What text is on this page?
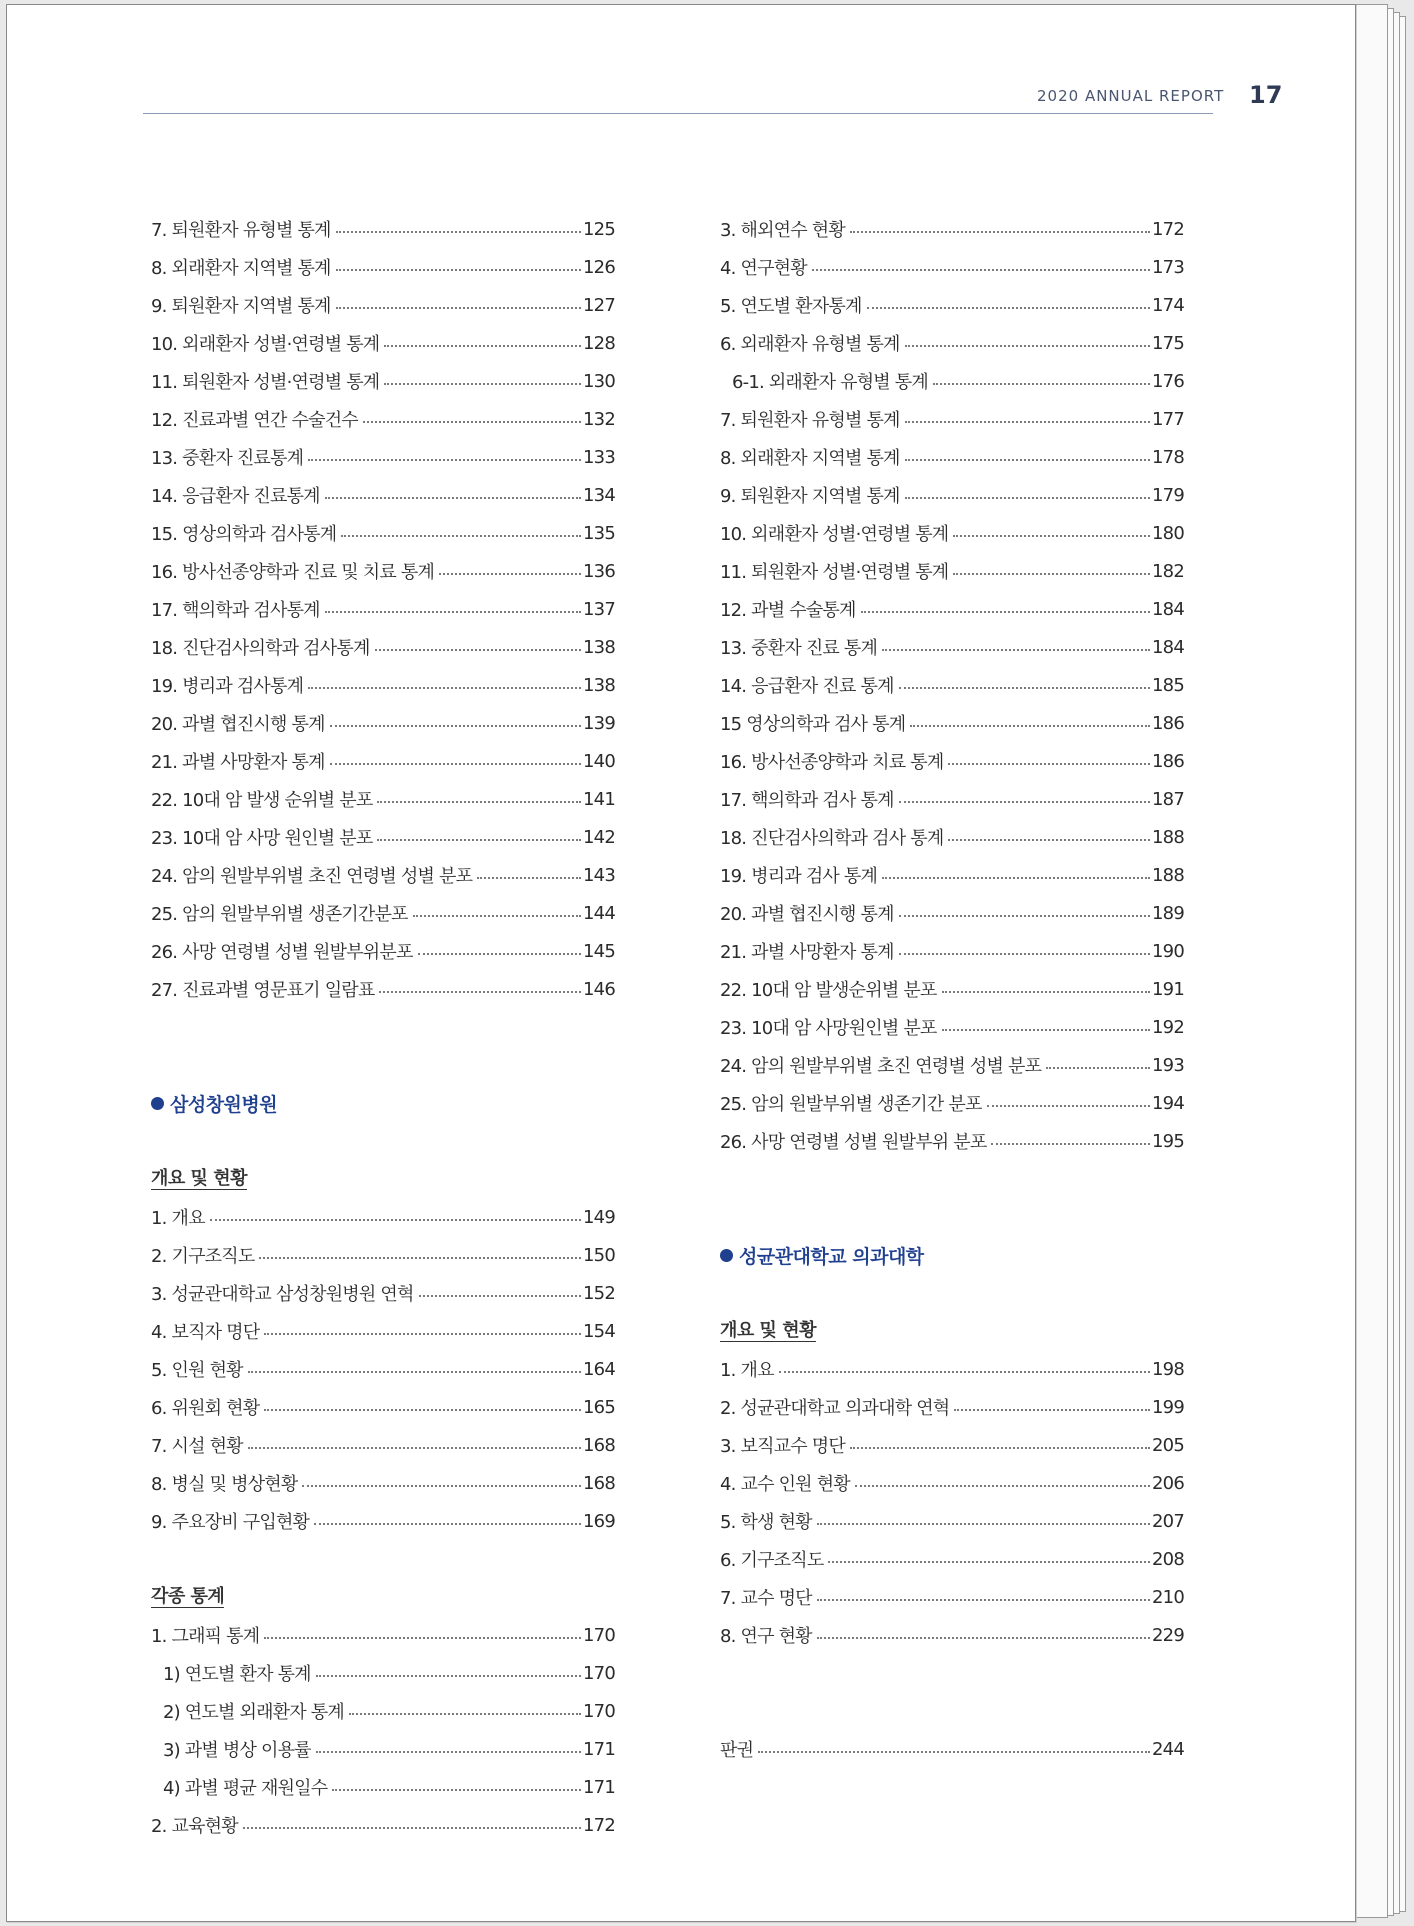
2020 ANNUAL REPORT 17
7. 퇴원환자 유형별 통계	125
8. 외래환자 지역별 통계	126
9. 퇴원환자 지역별 통계	127
10. 외래환자 성별·연령별 통계	128
11. 퇴원환자 성별·연령별 통계	130
12. 진료과별 연간 수술건수	132
13. 중환자 진료통계	133
14. 응급환자 진료통계	134
15. 영상의학과 검사통계	135
16. 방사선종양학과 진료 및 치료 통계	136
17. 핵의학과 검사통계	137
18. 진단검사의학과 검사통계	138
19. 병리과 검사통계	138
20. 과별 협진시행 통계	139
21. 과별 사망환자 통계	140
22. 10대 암 발생 순위별 분포	141
23. 10대 암 사망 원인별 분포	142
24. 암의 원발부위별 초진 연령별 성별 분포	143
25. 암의 원발부위별 생존기간분포	144
26. 사망 연령별 성별 원발부위분포	145
27. 진료과별 영문표기 일람표	146
삼성창원병원
개요 및 현황
1. 개요	149
2. 기구조직도	150
3. 성균관대학교 삼성창원병원 연혁	152
4. 보직자 명단	154
5. 인원 현황	164
6. 위원회 현황	165
7. 시설 현황	168
8. 병실 및 병상현황	168
9. 주요장비 구입현황	169
각종 통계
1. 그래픽 통계	170
1) 연도별 환자 통계	170
2) 연도별 외래환자 통계	170
3) 과별 병상 이용률	171
4) 과별 평균 재원일수	171
2. 교육현황	172
3. 해외연수 현황	172
4. 연구현황	173
5. 연도별 환자통계	174
6. 외래환자 유형별 통계	175
6-1. 외래환자 유형별 통계	176
7. 퇴원환자 유형별 통계	177
8. 외래환자 지역별 통계	178
9. 퇴원환자 지역별 통계	179
10. 외래환자 성별·연령별 통계	180
11. 퇴원환자 성별·연령별 통계	182
12. 과별 수술통계	184
13. 중환자 진료 통계	184
14. 응급환자 진료 통계	185
15 영상의학과 검사 통계	186
16. 방사선종양학과 치료 통계	186
17. 핵의학과 검사 통계	187
18. 진단검사의학과 검사 통계	188
19. 병리과 검사 통계	188
20. 과별 협진시행 통계	189
21. 과별 사망환자 통계	190
22. 10대 암 발생순위별 분포	191
23. 10대 암 사망원인별 분포	192
24. 암의 원발부위별 초진 연령별 성별 분포	193
25. 암의 원발부위별 생존기간 분포	194
26. 사망 연령별 성별 원발부위 분포	195
성균관대학교 의과대학
개요 및 현황
1. 개요	198
2. 성균관대학교 의과대학 연혁	199
3. 보직교수 명단	205
4. 교수 인원 현황	206
5. 학생 현황	207
6. 기구조직도	208
7. 교수 명단	210
8. 연구 현황	229
판권	244
